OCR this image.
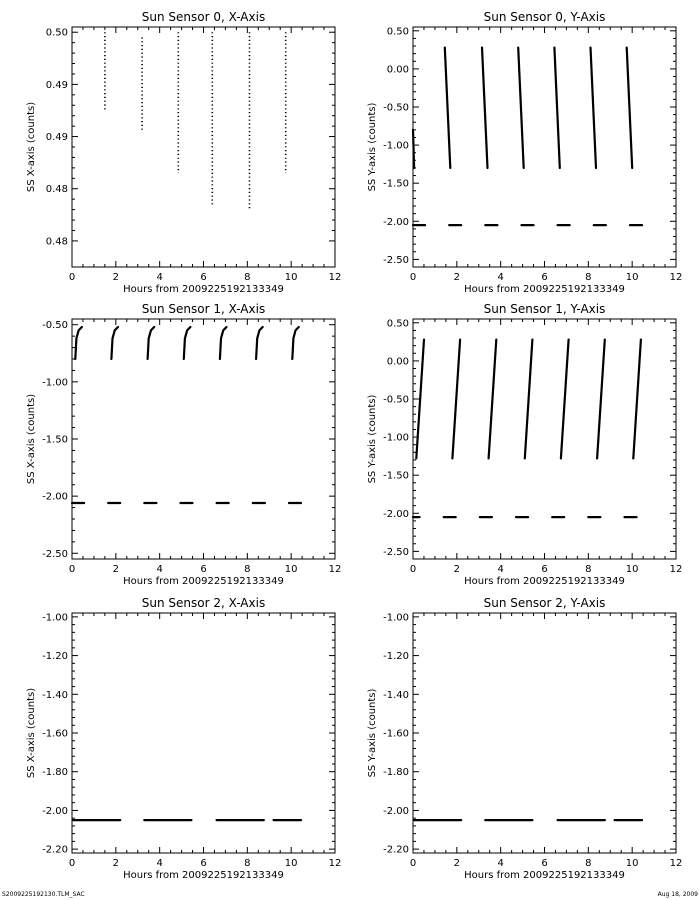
Sun Sensor 0, X-Axis
0	2	4	6	8	10	12
0.48
0.48
0.49
0.49
0.50
Hours from 2009225192133349
SS X-axis (counts)
Sun Sensor 0, Y-Axis
0	2	4	6	8	10	12
-2.50
-2.00
-1.50
-1.00
-0.50
0.00
0.50
Hours from 2009225192133349
SS Y-axis (counts)
Sun Sensor 1, X-Axis
0	2	4	6	8	10	12
-2.50
-2.00
-1.50
-1.00
-0.50
Hours from 2009225192133349
SS X-axis (counts)
Sun Sensor 1, Y-Axis
0	2	4	6	8	10	12
-2.50
-2.00
-1.50
-1.00
-0.50
0.00
0.50
Hours from 2009225192133349
SS Y-axis (counts)
Sun Sensor 2, X-Axis
0	2	4	6	8	10	12
-2.20
-2.00
-1.80
-1.60
-1.40
-1.20
-1.00
Hours from 2009225192133349
SS X-axis (counts)
Sun Sensor 2, Y-Axis
0	2	4	6	8	10	12
-2.20
-2.00
-1.80
-1.60
-1.40
-1.20
-1.00
Hours from 2009225192133349
SS Y-axis (counts)
S2009225192130.TLM_SAC	Aug 18, 2009
